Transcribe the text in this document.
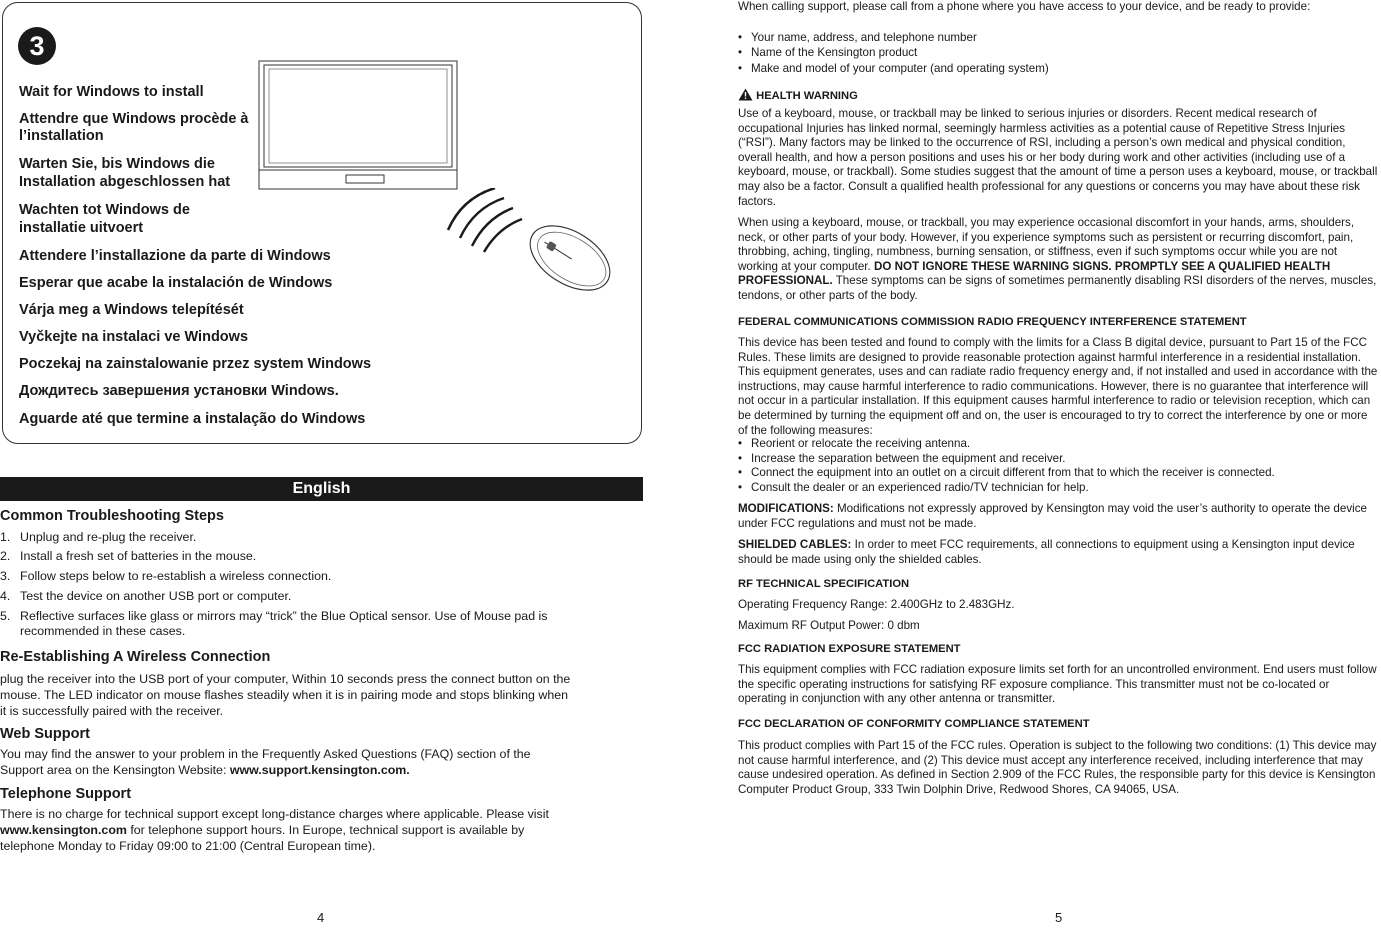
3

Wait for Windows to install

Attendre que Windows procède à

l’installation

Warten Sie, bis Windows die

Installation abgeschlossen hat

Wachten tot Windows de

installatie uitvoert

Attendere l’installazione da parte di Windows

Esperar que acabe la instalación de Windows

Várja meg a Windows telepítését

Vyčkejte na instalaci ve Windows

Poczekaj na zainstalowanie przez system Windows

Дождитесь завершения установки Windows.

Aguarde até que termine a instalação do Windows

English

Common Troubleshooting Steps

1. Unplug and re-plug the receiver.

2. Install a fresh set of batteries in the mouse.

3. Follow steps below to re-establish a wireless connection.

4. Test the device on another USB port or computer.

5. Reflective surfaces like glass or mirrors may “trick” the Blue Optical sensor. Use of Mouse pad is recommended in these cases.

Re-Establishing A Wireless Connection

plug the receiver into the USB port of your computer, Within 10 seconds press the connect button on the

mouse. The LED indicator on mouse flashes steadily when it is in pairing mode and stops blinking when

it is successfully paired with the receiver.

Web Support

You may find the answer to your problem in the Frequently Asked Questions (FAQ) section of the

Support area on the Kensington Website: www.support.kensington.com.

Telephone Support

There is no charge for technical support except long-distance charges where applicable. Please visit

www.kensington.com for telephone support hours. In Europe, technical support is available by

telephone Monday to Friday 09:00 to 21:00 (Central European time).

4

When calling support, please call from a phone where you have access to your device, and be ready to provide:

• Your name, address, and telephone number

• Name of the Kensington product

• Make and model of your computer (and operating system)

HEALTH WARNING

Use of a keyboard, mouse, or trackball may be linked to serious injuries or disorders. Recent medical research of occupational Injuries has linked normal, seemingly harmless activities as a potential cause of Repetitive Stress Injuries (“RSI”). Many factors may be linked to the occurrence of RSI, including a person’s own medical and physical condition, overall health, and how a person positions and uses his or her body during work and other activities (including use of a keyboard, mouse, or trackball). Some studies suggest that the amount of time a person uses a keyboard, mouse, or trackball may also be a factor. Consult a qualified health professional for any questions or concerns you may have about these risk factors.

When using a keyboard, mouse, or trackball, you may experience occasional discomfort in your hands, arms, shoulders, neck, or other parts of your body. However, if you experience symptoms such as persistent or recurring discomfort, pain, throbbing, aching, tingling, numbness, burning sensation, or stiffness, even if such symptoms occur while you are not working at your computer. DO NOT IGNORE THESE WARNING SIGNS. PROMPTLY SEE A QUALIFIED HEALTH PROFESSIONAL. These symptoms can be signs of sometimes permanently disabling RSI disorders of the nerves, muscles, tendons, or other parts of the body.

FEDERAL COMMUNICATIONS COMMISSION RADIO FREQUENCY INTERFERENCE STATEMENT

This device has been tested and found to comply with the limits for a Class B digital device, pursuant to Part 15 of the FCC Rules. These limits are designed to provide reasonable protection against harmful interference in a residential installation. This equipment generates, uses and can radiate radio frequency energy and, if not installed and used in accordance with the instructions, may cause harmful interference to radio communications. However, there is no guarantee that interference will not occur in a particular installation. If this equipment causes harmful interference to radio or television reception, which can be determined by turning the equipment off and on, the user is encouraged to try to correct the interference by one or more of the following measures:

• Reorient or relocate the receiving antenna.

• Increase the separation between the equipment and receiver.

• Connect the equipment into an outlet on a circuit different from that to which the receiver is connected.

• Consult the dealer or an experienced radio/TV technician for help.

MODIFICATIONS: Modifications not expressly approved by Kensington may void the user’s authority to operate the device under FCC regulations and must not be made.

SHIELDED CABLES: In order to meet FCC requirements, all connections to equipment using a Kensington input device should be made using only the shielded cables.

RF TECHNICAL SPECIFICATION

Operating Frequency Range: 2.400GHz to 2.483GHz.

Maximum RF Output Power: 0 dbm

FCC RADIATION EXPOSURE STATEMENT

This equipment complies with FCC radiation exposure limits set forth for an uncontrolled environment. End users must follow the specific operating instructions for satisfying RF exposure compliance. This transmitter must not be co-located or operating in conjunction with any other antenna or transmitter.

FCC DECLARATION OF CONFORMITY COMPLIANCE STATEMENT

This product complies with Part 15 of the FCC rules. Operation is subject to the following two conditions: (1) This device may not cause harmful interference, and (2) This device must accept any interference received, including interference that may cause undesired operation. As defined in Section 2.909 of the FCC Rules, the responsible party for this device is Kensington Computer Product Group, 333 Twin Dolphin Drive, Redwood Shores, CA 94065, USA.

5
